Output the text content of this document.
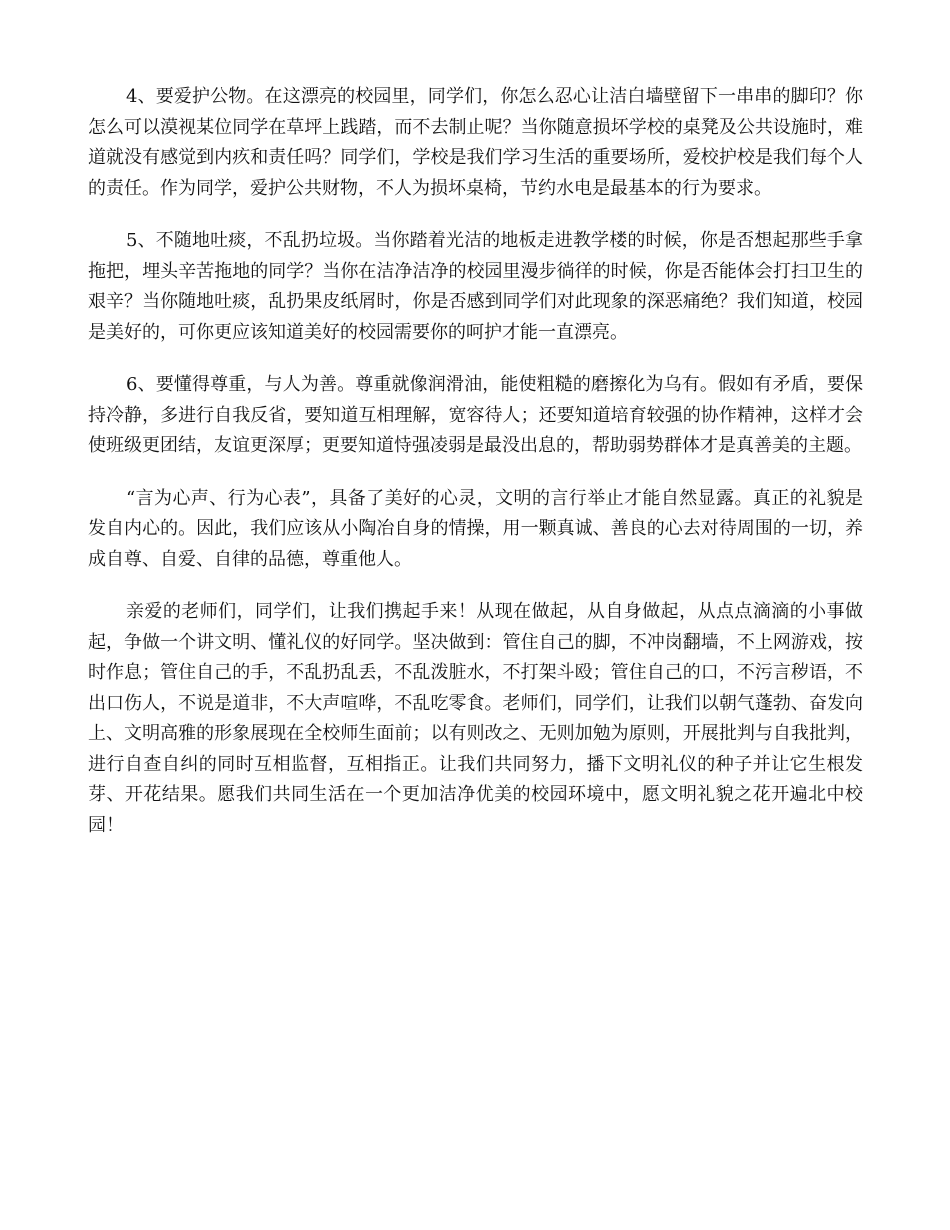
4、要爱护公物。在这漂亮的校园里，同学们，你怎么忍心让洁白墙壁留下一串串的脚印？你怎么可以漠视某位同学在草坪上践踏，而不去制止呢？当你随意损坏学校的桌凳及公共设施时，难道就没有感觉到内疚和责任吗？同学们，学校是我们学习生活的重要场所，爱校护校是我们每个人的责任。作为同学，爱护公共财物，不人为损坏桌椅，节约水电是最基本的行为要求。

5、不随地吐痰，不乱扔垃圾。当你踏着光洁的地板走进教学楼的时候，你是否想起那些手拿拖把，埋头辛苦拖地的同学？当你在洁净洁净的校园里漫步徜徉的时候，你是否能体会打扫卫生的艰辛？当你随地吐痰，乱扔果皮纸屑时，你是否感到同学们对此现象的深恶痛绝？我们知道，校园是美好的，可你更应该知道美好的校园需要你的呵护才能一直漂亮。

6、要懂得尊重，与人为善。尊重就像润滑油，能使粗糙的磨擦化为乌有。假如有矛盾，要保持冷静，多进行自我反省，要知道互相理解，宽容待人；还要知道培育较强的协作精神，这样才会使班级更团结，友谊更深厚；更要知道恃强凌弱是最没出息的，帮助弱势群体才是真善美的主题。

“言为心声、行为心表”，具备了美好的心灵，文明的言行举止才能自然显露。真正的礼貌是发自内心的。因此，我们应该从小陶冶自身的情操，用一颗真诚、善良的心去对待周围的一切，养成自尊、自爱、自律的品德，尊重他人。

亲爱的老师们，同学们，让我们携起手来！从现在做起，从自身做起，从点点滴滴的小事做起，争做一个讲文明、懂礼仪的好同学。坚决做到：管住自己的脚，不冲岗翻墙，不上网游戏，按时作息；管住自己的手，不乱扔乱丢，不乱泼脏水，不打架斗殴；管住自己的口，不污言秽语，不出口伤人，不说是道非，不大声喧哗，不乱吃零食。老师们，同学们，让我们以朝气蓬勃、奋发向上、文明高雅的形象展现在全校师生面前；以有则改之、无则加勉为原则，开展批判与自我批判，进行自查自纠的同时互相监督，互相指正。让我们共同努力，播下文明礼仪的种子并让它生根发芽、开花结果。愿我们共同生活在一个更加洁净优美的校园环境中，愿文明礼貌之花开遍北中校园！
